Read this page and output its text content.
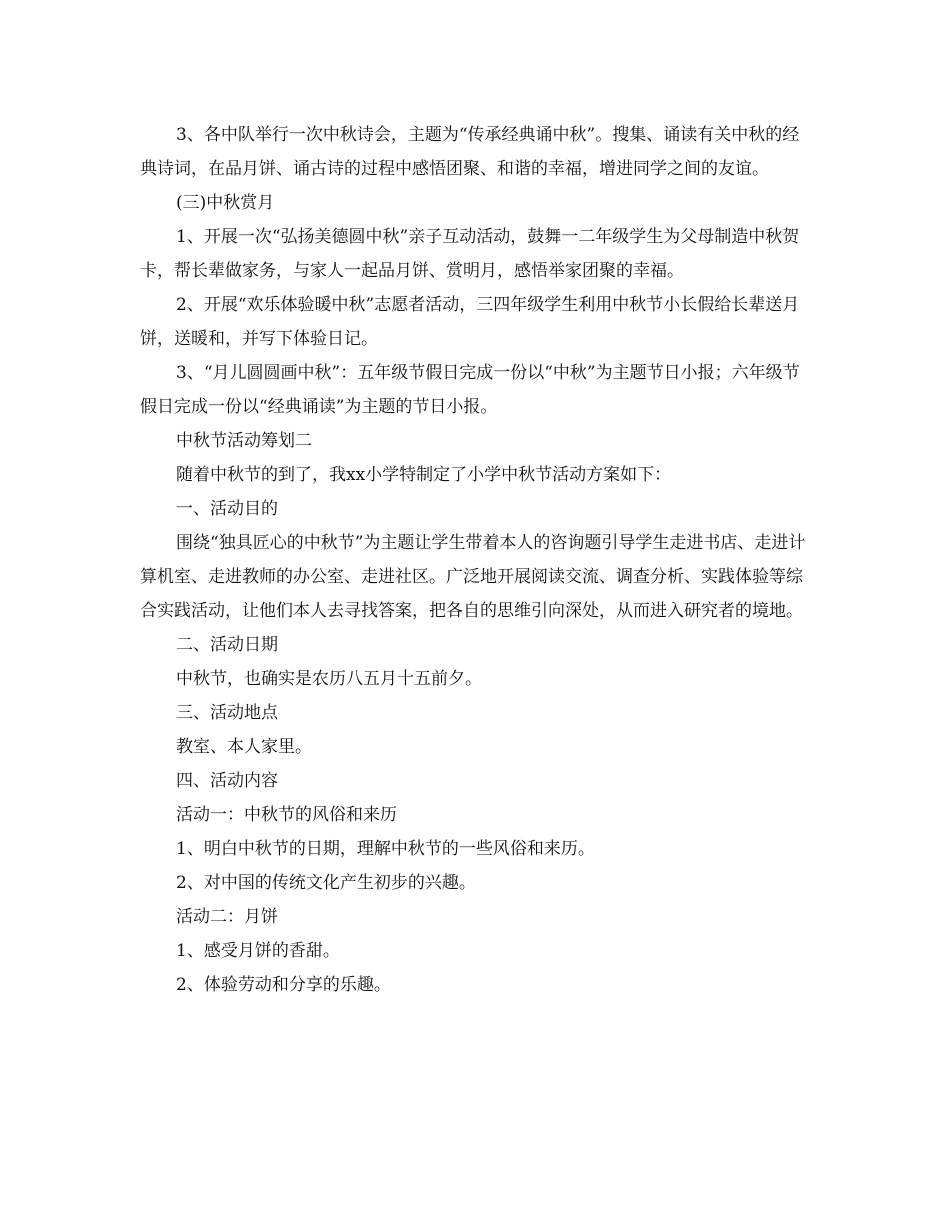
3、各中队举行一次中秋诗会，主题为“传承经典诵中秋”。搜集、诵读有关中秋的经典诗词，在品月饼、诵古诗的过程中感悟团聚、和谐的幸福，增进同学之间的友谊。

(三)中秋赏月

1、开展一次“弘扬美德圆中秋”亲子互动活动，鼓舞一二年级学生为父母制造中秋贺卡，帮长辈做家务，与家人一起品月饼、赏明月，感悟举家团聚的幸福。

2、开展“欢乐体验暖中秋”志愿者活动，三四年级学生利用中秋节小长假给长辈送月饼，送暖和，并写下体验日记。

3、“月儿圆圆画中秋”：五年级节假日完成一份以“中秋”为主题节日小报；六年级节假日完成一份以“经典诵读”为主题的节日小报。

中秋节活动筹划二

随着中秋节的到了，我xx小学特制定了小学中秋节活动方案如下：

一、活动目的

围绕“独具匠心的中秋节”为主题让学生带着本人的咨询题引导学生走进书店、走进计算机室、走进教师的办公室、走进社区。广泛地开展阅读交流、调查分析、实践体验等综合实践活动，让他们本人去寻找答案，把各自的思维引向深处，从而进入研究者的境地。

二、活动日期

中秋节，也确实是农历八五月十五前夕。

三、活动地点

教室、本人家里。

四、活动内容

活动一：中秋节的风俗和来历

1、明白中秋节的日期，理解中秋节的一些风俗和来历。

2、对中国的传统文化产生初步的兴趣。

活动二：月饼

1、感受月饼的香甜。

2、体验劳动和分享的乐趣。
